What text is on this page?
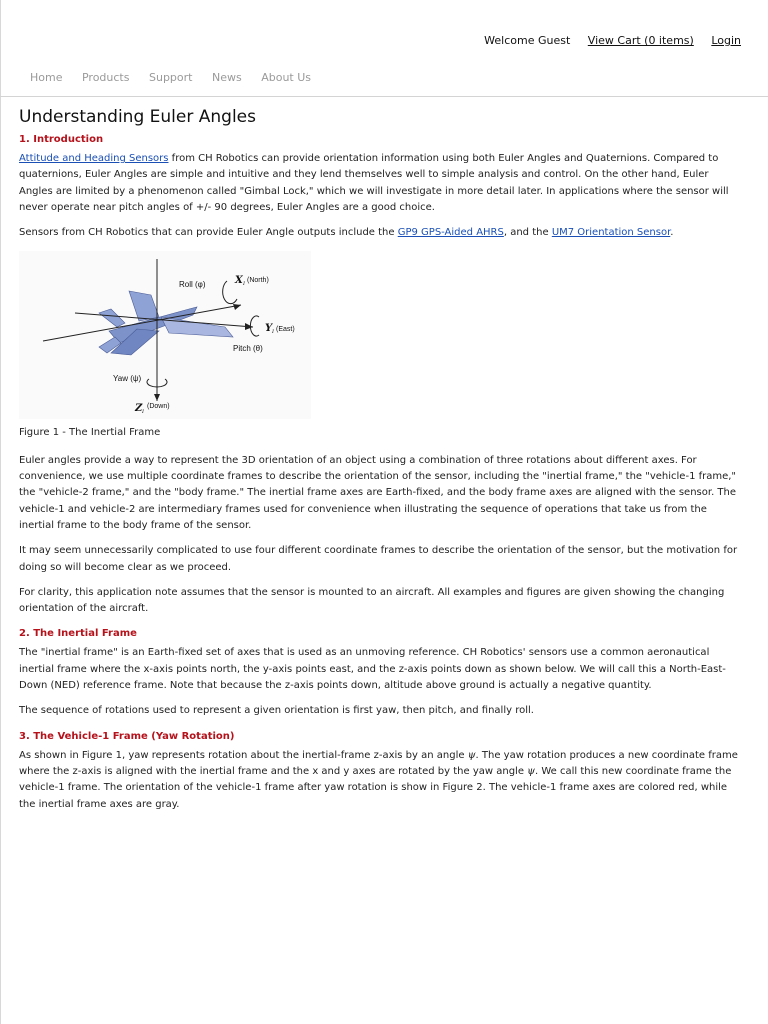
Welcome Guest View Cart (0 items) Login
Home Products Support News About Us
Understanding Euler Angles
1. Introduction

Attitude and Heading Sensors from CH Robotics can provide orientation information using both Euler Angles and Quaternions. Compared to quaternions, Euler Angles are simple and intuitive and they lend themselves well to simple analysis and control. On the other hand, Euler Angles are limited by a phenomenon called "Gimbal Lock," which we will investigate in more detail later. In applications where the sensor will never operate near pitch angles of +/- 90 degrees, Euler Angles are a good choice.

Sensors from CH Robotics that can provide Euler Angle outputs include the GP9 GPS-Aided AHRS, and the UM7 Orientation Sensor.

Roll (φ)	X I (North)
Y I (East)
Pitch (θ)
Yaw (ψ)
Z I
(Down)

Figure 1 - The Inertial Frame

Euler angles provide a way to represent the 3D orientation of an object using a combination of three rotations about different axes. For convenience, we use multiple coordinate frames to describe the orientation of the sensor, including the "inertial frame," the "vehicle-1 frame," the "vehicle-2 frame," and the "body frame." The inertial frame axes are Earth-fixed, and the body frame axes are aligned with the sensor. The vehicle-1 and vehicle-2 are intermediary frames used for convenience when illustrating the sequence of operations that take us from the inertial frame to the body frame of the sensor.

It may seem unnecessarily complicated to use four different coordinate frames to describe the orientation of the sensor, but the motivation for doing so will become clear as we proceed.

For clarity, this application note assumes that the sensor is mounted to an aircraft. All examples and figures are given showing the changing orientation of the aircraft.

2. The Inertial Frame

The "inertial frame" is an Earth-fixed set of axes that is used as an unmoving reference. CH Robotics' sensors use a common aeronautical inertial frame where the x-axis points north, the y-axis points east, and the z-axis points down as shown below. We will call this a North-East-Down (NED) reference frame. Note that because the z-axis points down, altitude above ground is actually a negative quantity.

The sequence of rotations used to represent a given orientation is first yaw, then pitch, and finally roll.

3. The Vehicle-1 Frame (Yaw Rotation)

As shown in Figure 1, yaw represents rotation about the inertial-frame z-axis by an angle ψ. The yaw rotation produces a new coordinate frame where the z-axis is aligned with the inertial frame and the x and y axes are rotated by the yaw angle ψ. We call this new coordinate frame the vehicle-1 frame. The orientation of the vehicle-1 frame after yaw rotation is show in Figure 2. The vehicle-1 frame axes are colored red, while the inertial frame axes are gray.
